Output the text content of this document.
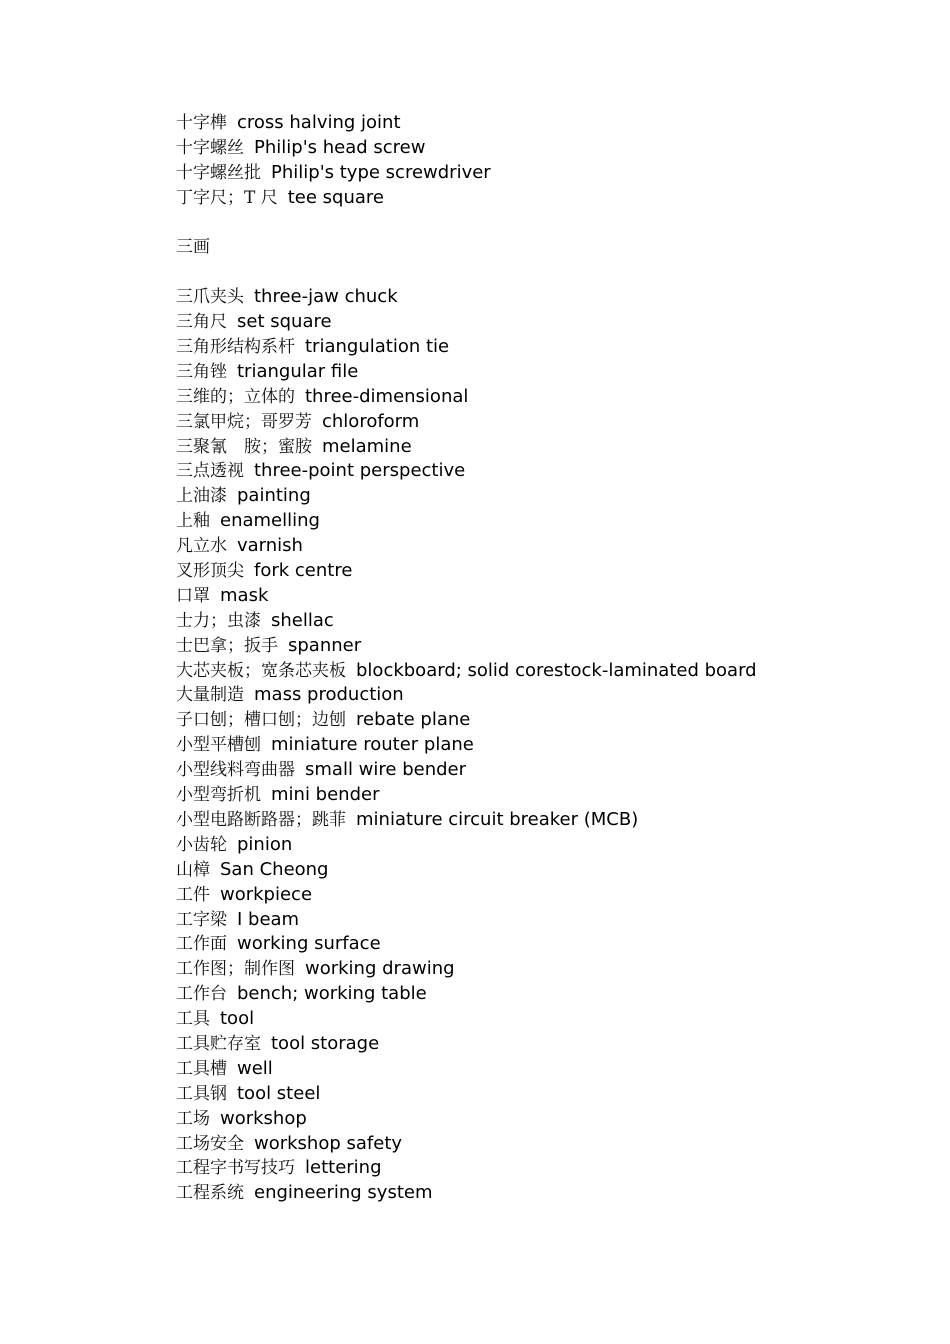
十字榫 cross halving joint
十字螺丝 Philip's head screw
十字螺丝批 Philip's type screwdriver
丁字尺；T 尺 tee square
三画
三爪夹头 three-jaw chuck
三角尺 set square
三角形结构系杆 triangulation tie
三角锉 triangular file
三维的；立体的 three-dimensional
三氯甲烷；哥罗芳 chloroform
三聚氰　胺；蜜胺 melamine
三点透视 three-point perspective
上油漆 painting
上釉 enamelling
凡立水 varnish
叉形顶尖 fork centre
口罩 mask
士力；虫漆 shellac
士巴拿；扳手 spanner
大芯夹板；宽条芯夹板 blockboard; solid corestock-laminated board
大量制造 mass production
子口刨；槽口刨；边刨 rebate plane
小型平槽刨 miniature router plane
小型线料弯曲器 small wire bender
小型弯折机 mini bender
小型电路断路器；跳菲 miniature circuit breaker (MCB)
小齿轮 pinion
山樟 San Cheong
工件 workpiece
工字梁 I beam
工作面 working surface
工作图；制作图 working drawing
工作台 bench; working table
工具 tool
工具贮存室 tool storage
工具槽 well
工具钢 tool steel
工场 workshop
工场安全 workshop safety
工程字书写技巧 lettering
工程系统 engineering system
